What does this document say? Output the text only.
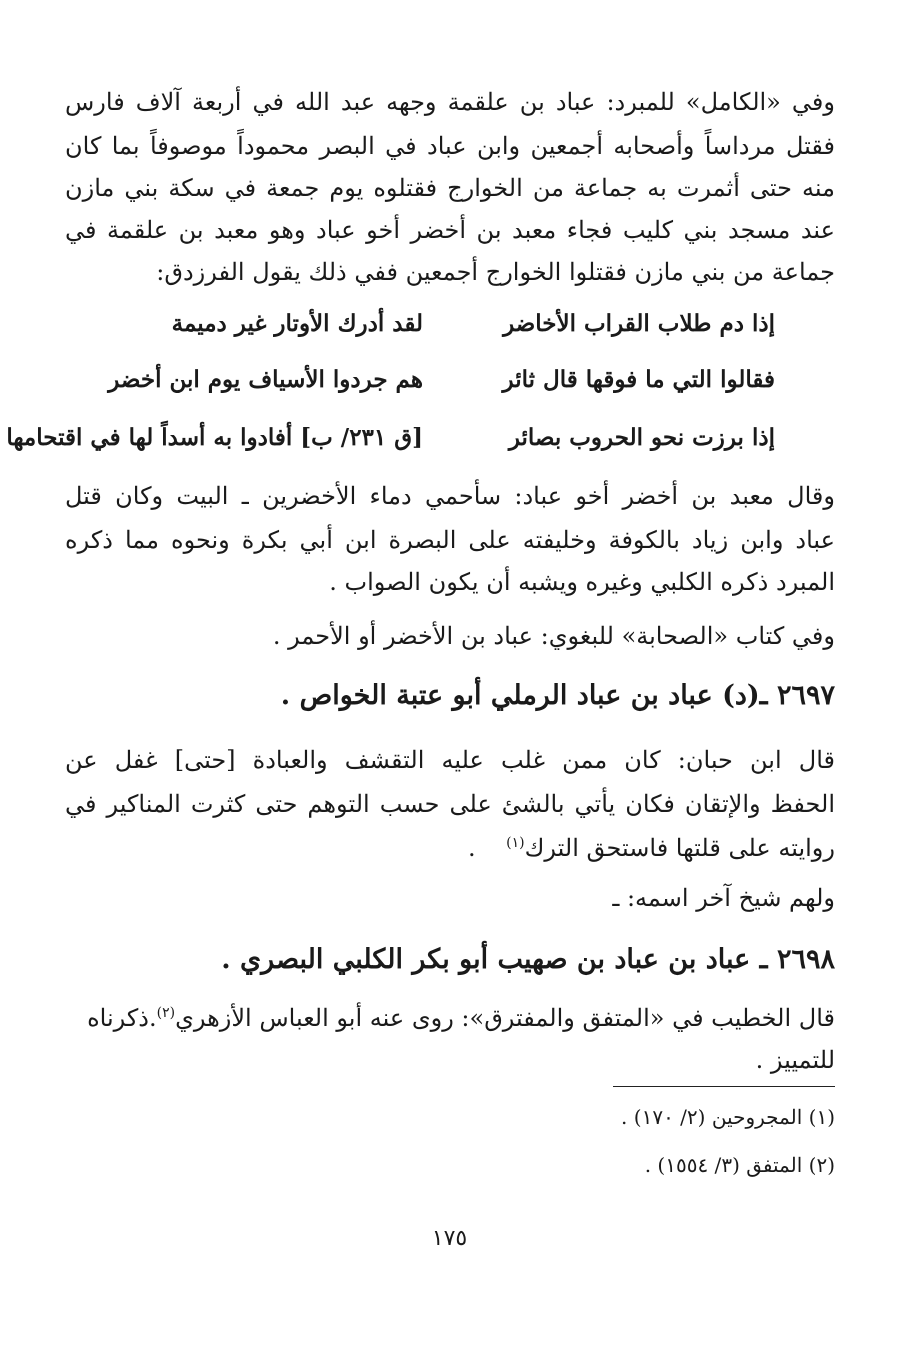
وفي «الكامل» للمبرد: عباد بن علقمة وجهه عبد الله في أربعة آلاف فارس
فقتل مرداساً وأصحابه أجمعين وابن عباد في البصر محموداً موصوفاً بما كان
منه حتى أثمرت به جماعة من الخوارج فقتلوه يوم جمعة في سكة بني مازن
عند مسجد بني كليب فجاء معبد بن أخضر أخو عباد وهو معبد بن علقمة في
جماعة من بني مازن فقتلوا الخوارج أجمعين ففي ذلك يقول الفرزدق:
لقد أدرك الأوتار غير دميمة	إذا دم طلاب القراب الأخاضر
هم جردوا الأسياف يوم ابن أخضر	فقالوا التي ما فوقها قال ثائر
[ق ٢٣١/ ب] أفادوا به أسداً لها في اقتحامها	إذا برزت نحو الحروب بصائر
وقال معبد بن أخضر أخو عباد: سأحمي دماء الأخضرين ـ البيت وكان قتل
عباد وابن زياد بالكوفة وخليفته على البصرة ابن أبي بكرة ونحوه مما ذكره
المبرد ذكره الكلبي وغيره ويشبه أن يكون الصواب .
وفي كتاب «الصحابة» للبغوي: عباد بن الأخضر أو الأحمر .
٢٦٩٧ ـ(د) عباد بن عباد الرملي أبو عتبة الخواص .
قال ابن حبان: كان ممن غلب عليه التقشف والعبادة [حتى] غفل عن
الحفظ والإتقان فكان يأتي بالشئ على حسب التوهم حتى كثرت المناكير في
روايته على قلتها فاستحق الترك$^{(١)}$    .
ولهم شيخ آخر اسمه: ـ
٢٦٩٨ ـ عباد بن عباد بن صهيب أبو بكر الكلبي البصري .
قال الخطيب في «المتفق والمفترق»: روى عنه أبو العباس الأزهري$^{(٢)}$.ذكرناه
للتمييز .
(١) المجروحين (٢/ ١٧٠) .
(٢) المتفق (٣/ ١٥٥٤) .
١٧٥
